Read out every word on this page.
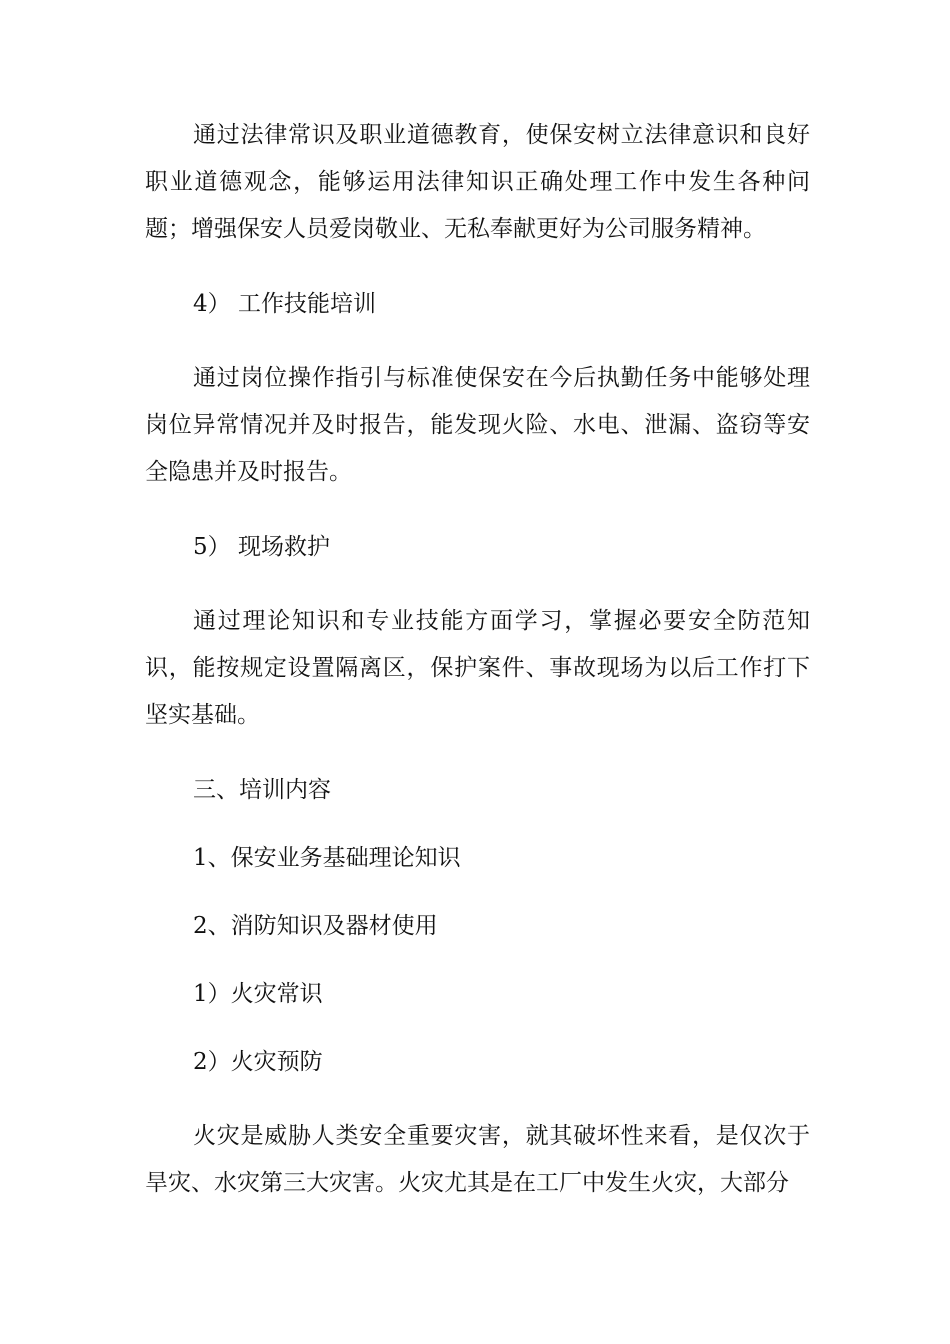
通过法律常识及职业道德教育，使保安树立法律意识和良好职业道德观念，能够运用法律知识正确处理工作中发生各种问题；增强保安人员爱岗敬业、无私奉献更好为公司服务精神。

4） 工作技能培训

通过岗位操作指引与标准使保安在今后执勤任务中能够处理岗位异常情况并及时报告，能发现火险、水电、泄漏、盗窃等安全隐患并及时报告。

5） 现场救护

通过理论知识和专业技能方面学习，掌握必要安全防范知识，能按规定设置隔离区，保护案件、事故现场为以后工作打下坚实基础。

三、培训内容

1、保安业务基础理论知识

2、消防知识及器材使用

1）火灾常识

2）火灾预防

火灾是威胁人类安全重要灾害，就其破坏性来看，是仅次于旱灾、水灾第三大灾害。火灾尤其是在工厂中发生火灾，大部分
